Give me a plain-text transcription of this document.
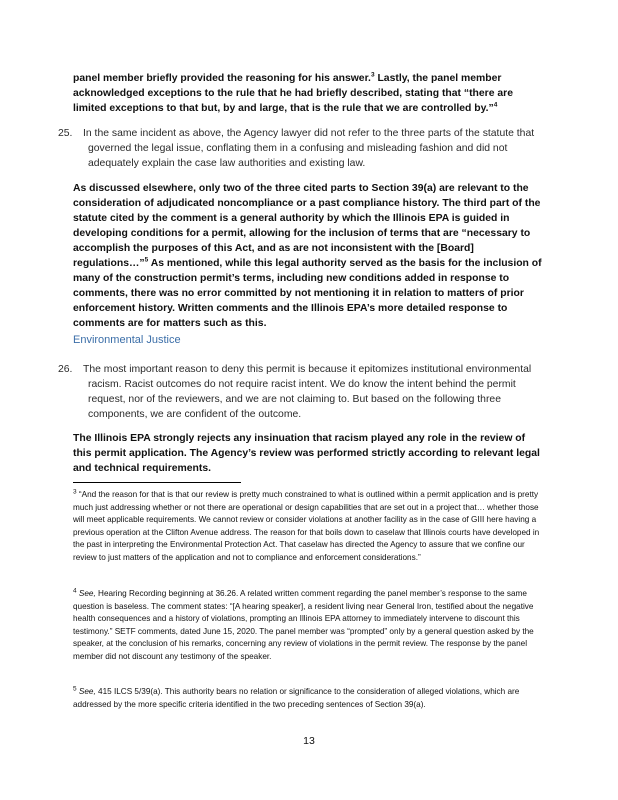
panel member briefly provided the reasoning for his answer.$^3$ Lastly, the panel member acknowledged exceptions to the rule that he had briefly described, stating that “there are limited exceptions to that but, by and large, that is the rule that we are controlled by.”$^4$

25.	In the same incident as above, the Agency lawyer did not refer to the three parts of the statute that governed the legal issue, conflating them in a confusing and misleading fashion and did not adequately explain the case law authorities and existing law.

As discussed elsewhere, only two of the three cited parts to Section 39(a) are relevant to the consideration of adjudicated noncompliance or a past compliance history. The third part of the statute cited by the comment is a general authority by which the Illinois EPA is guided in developing conditions for a permit, allowing for the inclusion of terms that are “necessary to accomplish the purposes of this Act, and as are not inconsistent with the [Board] regulations…”$^5$ As mentioned, while this legal authority served as the basis for the inclusion of many of the construction permit’s terms, including new conditions added in response to comments, there was no error committed by not mentioning it in relation to matters of prior enforcement history. Written comments and the Illinois EPA’s more detailed response to comments are for matters such as this.

Environmental Justice

26.	The most important reason to deny this permit is because it epitomizes institutional environmental racism. Racist outcomes do not require racist intent. We do know the intent behind the permit request, nor of the reviewers, and we are not claiming to. But based on the following three components, we are confident of the outcome.

The Illinois EPA strongly rejects any insinuation that racism played any role in the review of this permit application. The Agency’s review was performed strictly according to relevant legal and technical requirements.

$^3$ “And the reason for that is that our review is pretty much constrained to what is outlined within a permit application and is pretty much just addressing whether or not there are operational or design capabilities that are set out in a project that… whether those will meet applicable requirements. We cannot review or consider violations at another facility as in the case of GIII here having a previous operation at the Clifton Avenue address. The reason for that boils down to caselaw that Illinois courts have developed in the past in interpreting the Environmental Protection Act. That caselaw has directed the Agency to assure that we confine our review to just matters of the application and not to compliance and enforcement considerations.”

$^4$ See, Hearing Recording beginning at 36.26. A related written comment regarding the panel member’s response to the same question is baseless. The comment states: “[A hearing speaker], a resident living near General Iron, testified about the negative health consequences and a history of violations, prompting an Illinois EPA attorney to immediately intervene to discount this testimony.” SETF comments, dated June 15, 2020. The panel member was “prompted” only by a general question asked by the speaker, at the conclusion of his remarks, concerning any review of violations in the permit review. The response by the panel member did not discount any testimony of the speaker.

$^5$ See, 415 ILCS 5/39(a). This authority bears no relation or significance to the consideration of alleged violations, which are addressed by the more specific criteria identified in the two preceding sentences of Section 39(a).

13
